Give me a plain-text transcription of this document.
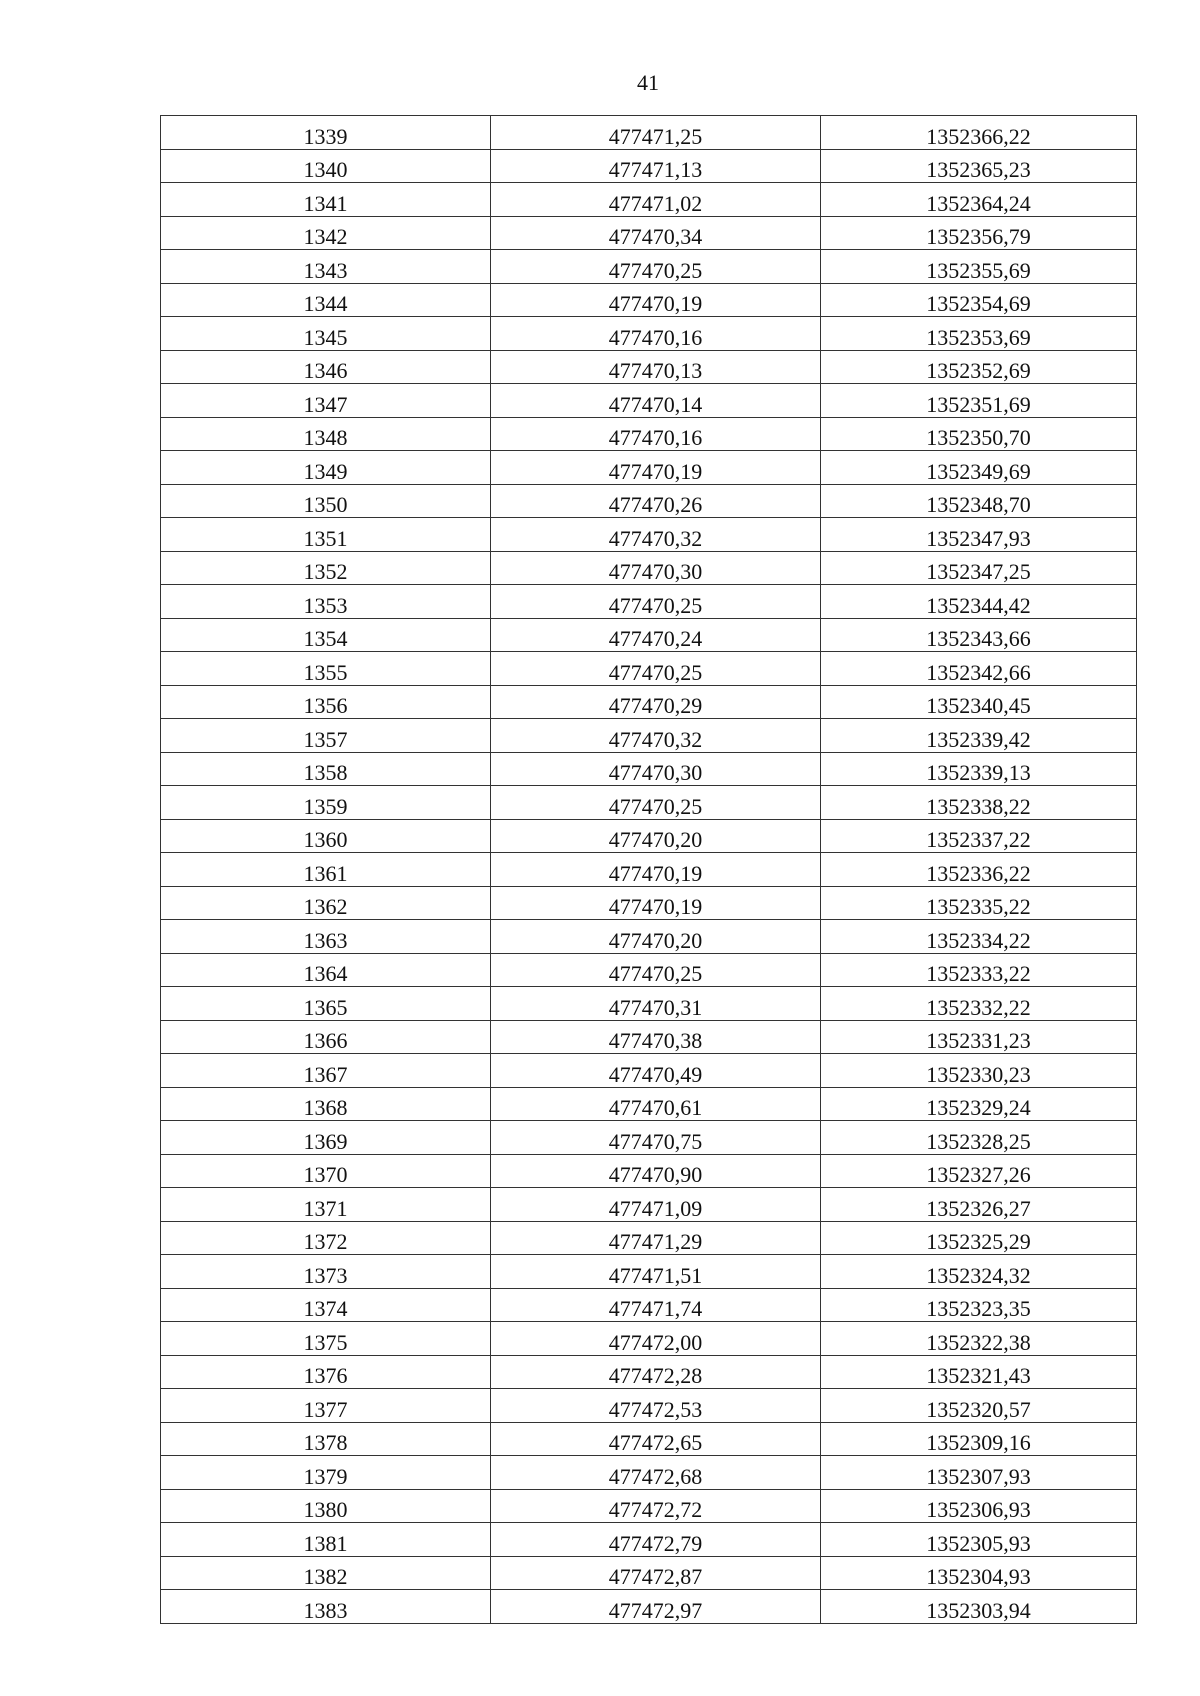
41
1339	477471,25	1352366,22
1340	477471,13	1352365,23
1341	477471,02	1352364,24
1342	477470,34	1352356,79
1343	477470,25	1352355,69
1344	477470,19	1352354,69
1345	477470,16	1352353,69
1346	477470,13	1352352,69
1347	477470,14	1352351,69
1348	477470,16	1352350,70
1349	477470,19	1352349,69
1350	477470,26	1352348,70
1351	477470,32	1352347,93
1352	477470,30	1352347,25
1353	477470,25	1352344,42
1354	477470,24	1352343,66
1355	477470,25	1352342,66
1356	477470,29	1352340,45
1357	477470,32	1352339,42
1358	477470,30	1352339,13
1359	477470,25	1352338,22
1360	477470,20	1352337,22
1361	477470,19	1352336,22
1362	477470,19	1352335,22
1363	477470,20	1352334,22
1364	477470,25	1352333,22
1365	477470,31	1352332,22
1366	477470,38	1352331,23
1367	477470,49	1352330,23
1368	477470,61	1352329,24
1369	477470,75	1352328,25
1370	477470,90	1352327,26
1371	477471,09	1352326,27
1372	477471,29	1352325,29
1373	477471,51	1352324,32
1374	477471,74	1352323,35
1375	477472,00	1352322,38
1376	477472,28	1352321,43
1377	477472,53	1352320,57
1378	477472,65	1352309,16
1379	477472,68	1352307,93
1380	477472,72	1352306,93
1381	477472,79	1352305,93
1382	477472,87	1352304,93
1383	477472,97	1352303,94
